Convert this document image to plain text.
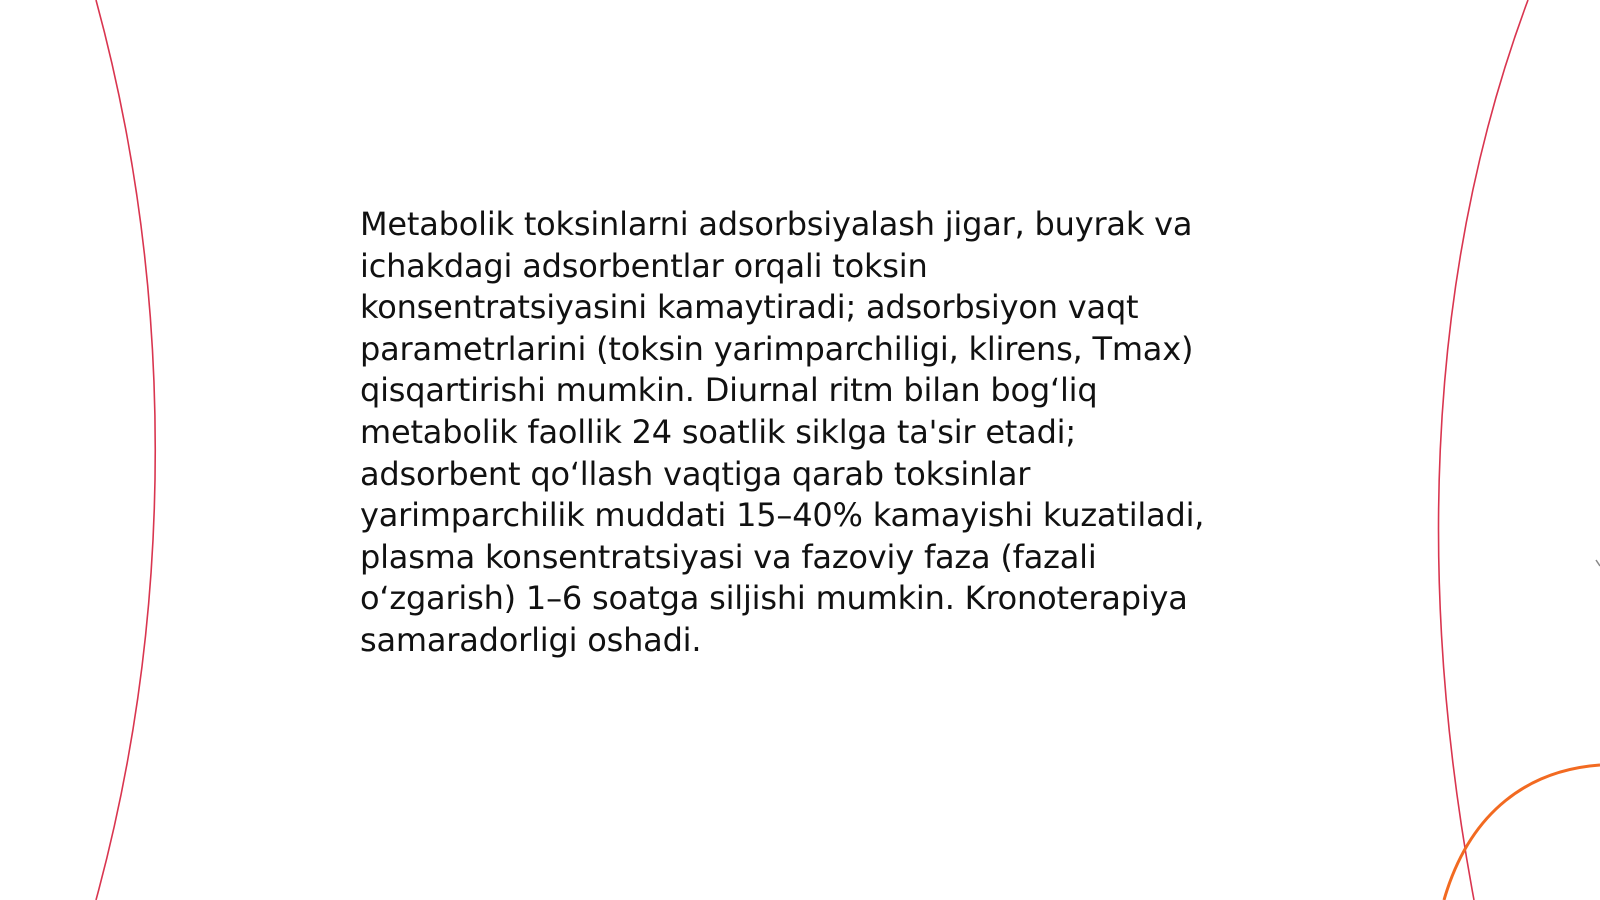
Metabolik toksinlarni adsorbsiyalash jigar, buyrak va
ichakdagi adsorbentlar orqali toksin
konsentratsiyasini kamaytiradi; adsorbsiyon vaqt
parametrlarini (toksin yarimparchiligi, klirens, Tmax)
qisqartirishi mumkin. Diurnal ritm bilan bog‘liq
metabolik faollik 24 soatlik siklga ta'sir etadi;
adsorbent qo‘llash vaqtiga qarab toksinlar
yarimparchilik muddati 15–40% kamayishi kuzatiladi,
plasma konsentratsiyasi va fazoviy faza (fazali
o‘zgarish) 1–6 soatga siljishi mumkin. Kronoterapiya
samaradorligi oshadi.
